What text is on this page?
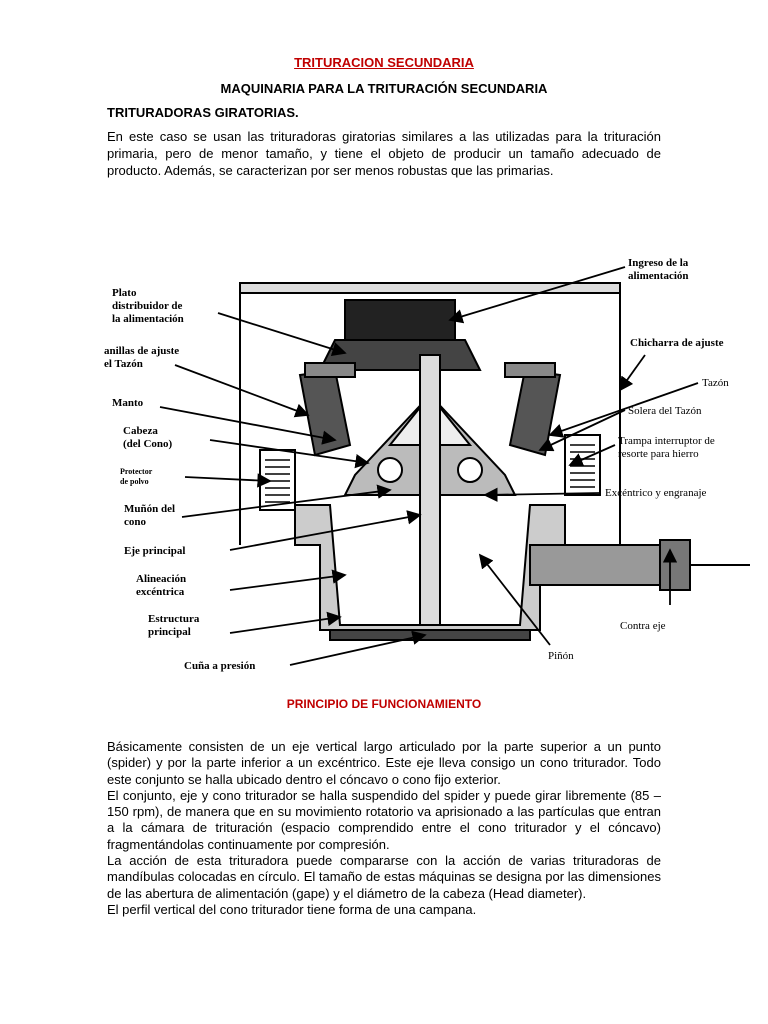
TRITURACION SECUNDARIA
MAQUINARIA PARA LA TRITURACIÓN SECUNDARIA
TRITURADORAS GIRATORIAS.

En este caso se usan las trituradoras giratorias similares a las utilizadas para la trituración primaria, pero de menor tamaño, y tiene el objeto de producir un tamaño adecuado de producto. Además, se caracterizan por ser menos robustas que las primarias.

Plato
distribuidor de
la alimentación
anillas de ajuste
el Tazón
Manto
Cabeza
(del Cono)
Protector
de polvo
Muñón del
cono
Eje principal
Alineación
excéntrica
Estructura
principal
Cuña a presión
Ingreso de la
alimentación
Chicharra de ajuste
Tazón
Solera del Tazón
Trampa interruptor de
resorte para hierro
Excéntrico y engranaje
Contra eje
Piñón
PRINCIPIO DE FUNCIONAMIENTO

Básicamente consisten de un eje vertical largo articulado por la parte superior a un punto (spider) y por la parte inferior a un excéntrico. Este eje lleva consigo un cono triturador. Todo este conjunto se halla ubicado dentro el cóncavo o cono fijo exterior.

El conjunto, eje y cono triturador se halla suspendido del spider y puede girar libremente (85 – 150 rpm), de manera que en su movimiento rotatorio va aprisionado a las partículas que entran a la cámara de trituración (espacio comprendido entre el cono triturador y el cóncavo) fragmentándolas continuamente por compresión.

La acción de esta trituradora puede compararse con la acción de varias trituradoras de mandíbulas colocadas en círculo. El tamaño de estas máquinas se designa por las dimensiones de las abertura de alimentación (gape) y el diámetro de la cabeza (Head diameter).

El perfil vertical del cono triturador tiene forma de una campana.
